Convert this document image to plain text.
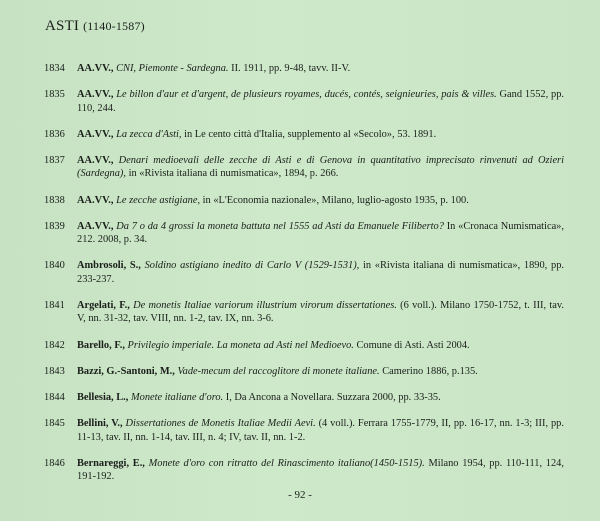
ASTI (1140-1587)
1834	AA.VV., CNI, Piemonte - Sardegna. II. 1911, pp. 9-48, tavv. II-V.
1835	AA.VV., Le billon d'aur et d'argent, de plusieurs royames, ducés, contés, seignieuries, pais & villes. Gand 1552, pp. 110, 244.
1836	AA.VV., La zecca d'Asti, in Le cento città d'Italia, supplemento al «Secolo», 53. 1891.
1837	AA.VV., Denari medioevali delle zecche di Asti e di Genova in quantitativo imprecisato rinvenuti ad Ozieri (Sardegna), in «Rivista italiana di numismatica», 1894, p. 266.
1838	AA.VV., Le zecche astigiane, in «L'Economia nazionale», Milano, luglio-agosto 1935, p. 100.
1839	AA.VV., Da 7 o da 4 grossi la moneta battuta nel 1555 ad Asti da Emanuele Filiberto? In «Cronaca Numismatica», 212. 2008, p. 34.
1840	Ambrosoli, S., Soldino astigiano inedito di Carlo V (1529-1531), in «Rivista italiana di numismatica», 1890, pp. 233-237.
1841	Argelati, F., De monetis Italiae variorum illustrium virorum dissertationes. (6 voll.). Milano 1750-1752, t. III, tav. V, nn. 31-32, tav. VIII, nn. 1-2, tav. IX, nn. 3-6.
1842	Barello, F., Privilegio imperiale. La moneta ad Asti nel Medioevo. Comune di Asti. Asti 2004.
1843	Bazzi, G.-Santoni, M., Vade-mecum del raccoglitore di monete italiane. Camerino 1886, p.135.
1844	Bellesia, L., Monete italiane d'oro. I, Da Ancona a Novellara. Suzzara 2000, pp. 33-35.
1845	Bellini, V., Dissertationes de Monetis Italiae Medii Aevi. (4 voll.). Ferrara 1755-1779, II, pp. 16-17, nn. 1-3; III, pp. 11-13, tav. II, nn. 1-14, tav. III, n. 4; IV, tav. II, nn. 1-2.
1846	Bernareggi, E., Monete d'oro con ritratto del Rinascimento italiano(1450-1515). Milano 1954, pp. 110-111, 124, 191-192.
- 92 -
